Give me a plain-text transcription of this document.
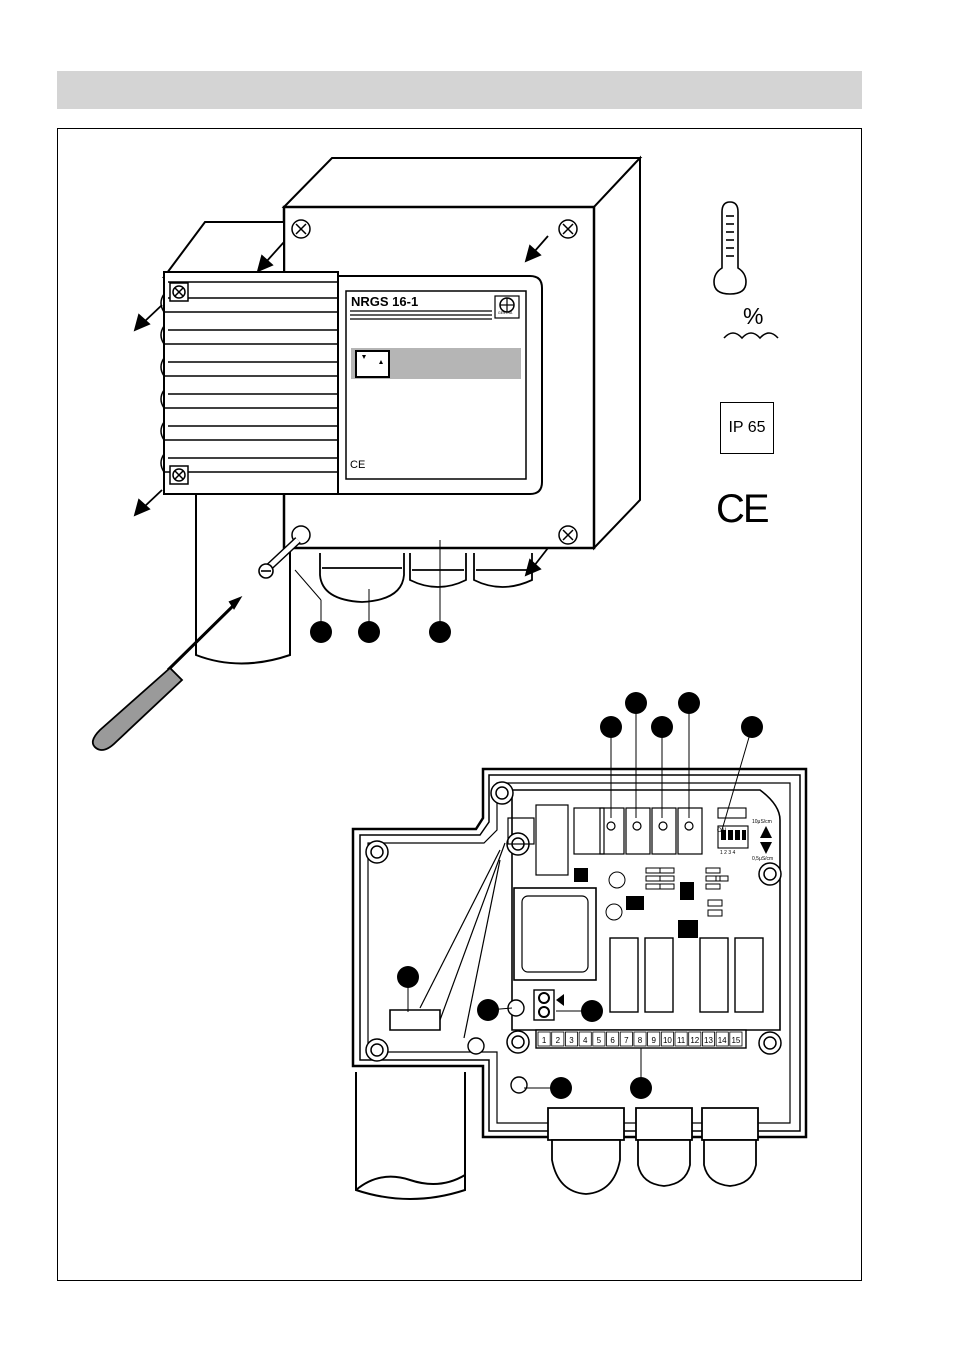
1 2 3 4 5 6 7 8 9 10 11 12 13 14 15
ON
1 2 3 4
10μS/cm
0,5μS/cm
GESTRA
NRGS 16-1
CE
%
IP 65
CE
